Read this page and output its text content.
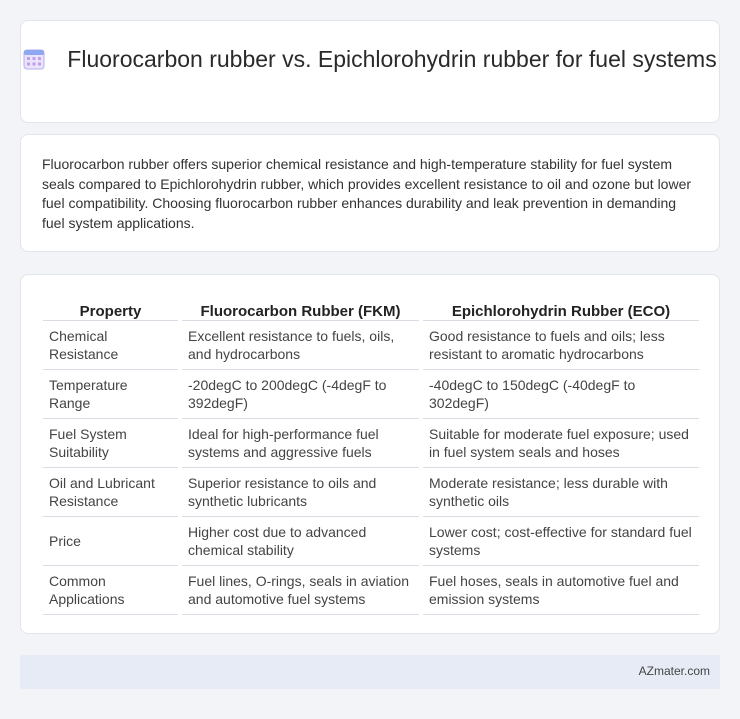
Fluorocarbon rubber vs. Epichlorohydrin rubber for fuel systems

Fluorocarbon rubber offers superior chemical resistance and high-temperature stability for fuel system seals compared to Epichlorohydrin rubber, which provides excellent resistance to oil and ozone but lower fuel compatibility. Choosing fluorocarbon rubber enhances durability and leak prevention in demanding fuel system applications.

Property	Fluorocarbon Rubber (FKM)	Epichlorohydrin Rubber (ECO)
Chemical Resistance	Excellent resistance to fuels, oils, and hydrocarbons	Good resistance to fuels and oils; less resistant to aromatic hydrocarbons
Temperature Range	-20degC to 200degC (-4degF to 392degF)	-40degC to 150degC (-40degF to 302degF)
Fuel System Suitability	Ideal for high-performance fuel systems and aggressive fuels	Suitable for moderate fuel exposure; used in fuel system seals and hoses
Oil and Lubricant Resistance	Superior resistance to oils and synthetic lubricants	Moderate resistance; less durable with synthetic oils
Price	Higher cost due to advanced chemical stability	Lower cost; cost-effective for standard fuel systems
Common Applications	Fuel lines, O-rings, seals in aviation and automotive fuel systems	Fuel hoses, seals in automotive fuel and emission systems
AZmater.com
